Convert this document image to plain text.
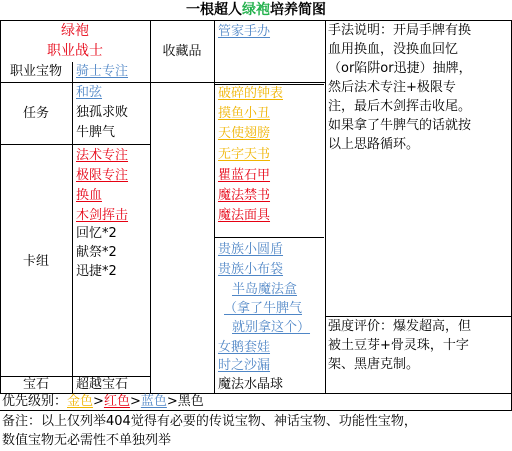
一根超人绿袍培养简图
绿袍
职业战士
职业宝物	骑士专注
收藏品
管家手办
任务
和弦
独孤求败
牛脾气
卡组
法术专注
极限专注
换血
木剑挥击
回忆*2
献祭*2
迅捷*2
破碎的钟表
摸鱼小丑
天使翅膀
无字天书
瞿蓝石甲
魔法禁书
魔法面具
贵族小圆盾
贵族小布袋
半岛魔法盒
（拿了牛脾气
就别拿这个）
女鹅套娃
时之沙漏
魔法水晶球
宝石	超越宝石
手法说明：开局手牌有换
血用换血，没换血回忆
（or陷阱or迅捷）抽牌，
然后法术专注+极限专
注，最后木剑挥击收尾。
如果拿了牛脾气的话就按
以上思路循环。
强度评价：爆发超高，但
被土豆芽+骨灵珠，十字
架、黑唐克制。
优先级别：金色>红色>蓝色>黑色
备注：以上仅列举404觉得有必要的传说宝物、神话宝物、功能性宝物，
数值宝物无必需性不单独列举
